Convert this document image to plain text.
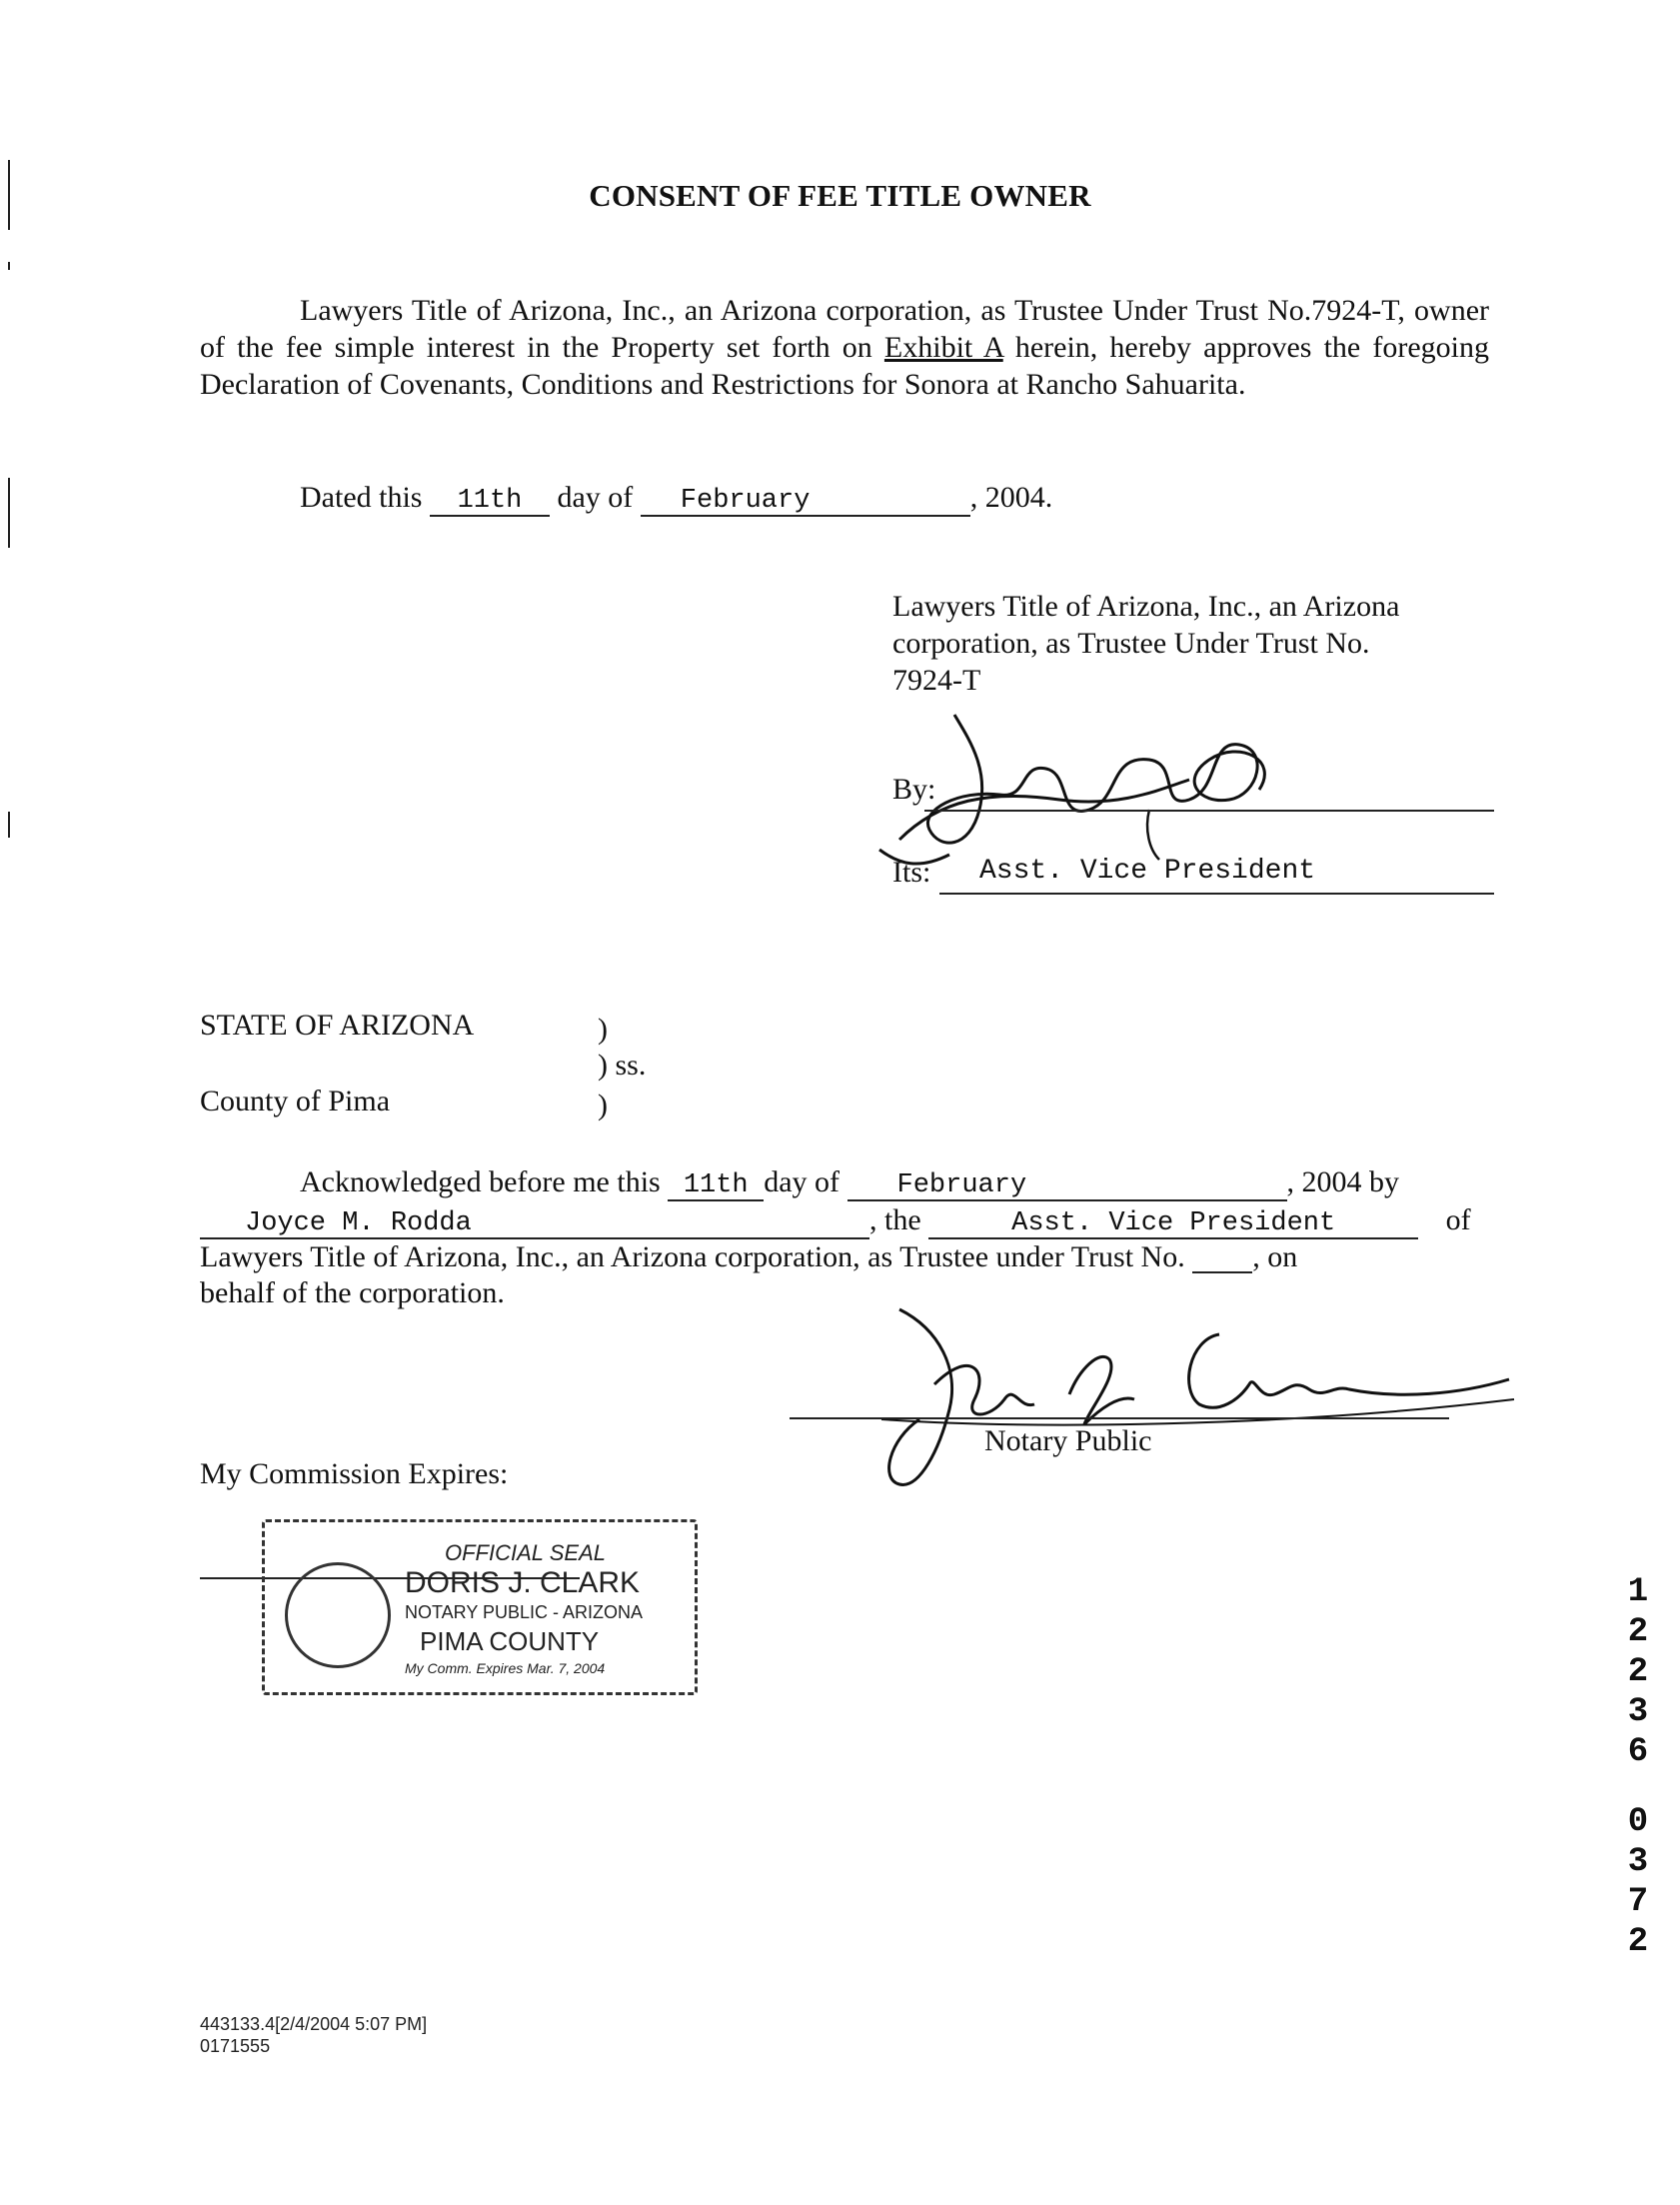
CONSENT OF FEE TITLE OWNER
Lawyers Title of Arizona, Inc., an Arizona corporation, as Trustee Under Trust No.7924-T, owner of the fee simple interest in the Property set forth on Exhibit A herein, hereby approves the foregoing Declaration of Covenants, Conditions and Restrictions for Sonora at Rancho Sahuarita.
Dated this 11th day of February	, 2004.
Lawyers Title of Arizona, Inc., an Arizona
corporation, as Trustee Under Trust No.
7924-T
By:
Its: Asst. Vice President
STATE OF ARIZONA	)
) ss.
County of Pima	)
Acknowledged before me this 11th day of February	, 2004 by
Joyce M. Rodda	, the	Asst. Vice President	of
Lawyers Title of Arizona, Inc., an Arizona corporation, as Trustee under Trust No. , on
behalf of the corporation.
Notary Public
My Commission Expires:
OFFICIAL SEAL
DORIS J. CLARK
NOTARY PUBLIC - ARIZONA
PIMA COUNTY
My Comm. Expires Mar. 7, 2004
1
2
2
3
6
0
3
7
2
443133.4[2/4/2004 5:07 PM]
0171555
